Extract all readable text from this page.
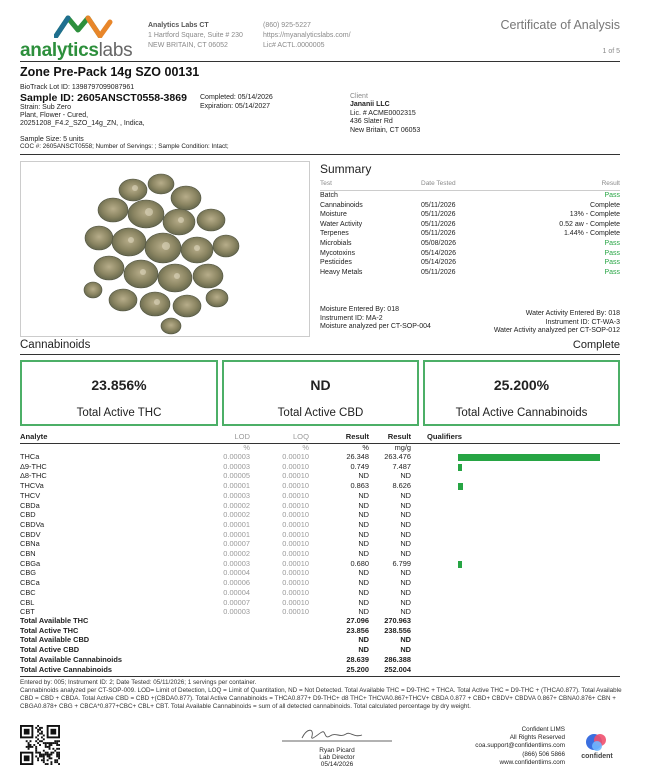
analyticslabs
Analytics Labs CT
1 Hartford Square, Suite # 230
NEW BRITAIN, CT 06052
(860) 925-5227
https://myanalyticslabs.com/
Lic# ACTL.0000005
Certificate of Analysis
1 of 5
Zone Pre-Pack 14g SZO 00131
BioTrack Lot ID: 1398797099087961
Sample ID: 2605ANSCT0558-3869 Completed: 05/14/2026
Expiration: 05/14/2027
Strain: Sub Zero
Plant, Flower - Cured,
20251208_F4.2_SZO_14g_ZN, , Indica,
Sample Size: 5 units
COC #: 2605ANSCT0558; Number of Servings: ; Sample Condition: Intact;
Client
Jananii LLC
Lic. # ACME0002315
436 Slater Rd
New Britain, CT 06053
Summary
Test	Date Tested	Result
Batch	Pass
Cannabinoids	05/11/2026	Complete
Moisture	05/11/2026	13% - Complete
Water Activity	05/11/2026	0.52 aw - Complete
Terpenes	05/11/2026	1.44% - Complete
Microbials	05/08/2026	Pass
Mycotoxins	05/14/2026	Pass
Pesticides	05/14/2026	Pass
Heavy Metals	05/11/2026	Pass
Moisture Entered By: 018
Instrument ID: MA-2
Moisture analyzed per CT-SOP-004
Water Activity Entered By: 018
Instrument ID: CT-WA-3
Water Activity analyzed per CT-SOP-012
Cannabinoids	Complete
23.856%
Total Active THC
ND
Total Active CBD
25.200%
Total Active Cannabinoids
Analyte	LOD	LOQ	Result Result Qualifiers
%	%	%	mg/g
THCa	0.00003	0.00010	26.348 263.476
Δ9-THC	0.00003	0.00010	0.749	7.487
Δ8-THC	0.00005	0.00010	ND	ND
THCVa	0.00001	0.00010	0.863	8.626
THCV	0.00003	0.00010	ND	ND
CBDa	0.00002	0.00010	ND	ND
CBD	0.00002	0.00010	ND	ND
CBDVa	0.00001	0.00010	ND	ND
CBDV	0.00001	0.00010	ND	ND
CBNa	0.00007	0.00010	ND	ND
CBN	0.00002	0.00010	ND	ND
CBGa	0.00003	0.00010	0.680	6.799
CBG	0.00004	0.00010	ND	ND
CBCa	0.00006	0.00010	ND	ND
CBC	0.00004	0.00010	ND	ND
CBL	0.00007	0.00010	ND	ND
CBT	0.00003	0.00010	ND	ND
Total Available THC	27.096 270.963
Total Active THC	23.856 238.556
Total Available CBD	ND	ND
Total Active CBD	ND	ND
Total Available Cannabinoids	28.639 286.388
Total Active Cannabinoids	25.200 252.004
Entered by: 005; Instrument ID: 2; Date Tested: 05/11/2026; 1 servings per container.
Cannabinoids analyzed per CT-SOP-009. LOD= Limit of Detection, LOQ = Limit of Quantitation, ND = Not Detected. Total Available THC = D9-THC + THCA. Total Active THC = D9-THC + (THCA0.877). Total Available CBD = CBD + CBDA. Total Active CBD = CBD +(CBDA0.877). Total Active Cannabinoids = THCA0.877+ D9-THC+ d8 THC+ THCVA0.867+THCV+ CBDA 0.877 + CBD+ CBDV+ CBDVA 0.867+ CBNA0.876+ CBN + CBGA0.878+ CBG + CBCA*0.877+CBC+ CBL+ CBT. Total Available Cannabinoids = sum of all detected cannabinoids. Total calculated percentage by dry weight.
Ryan Picard
Lab Director
05/14/2026
Confident LIMS
All Rights Reserved
coa.support@confidentlims.com
(866) 506 5866
www.confidentlims.com
confident
